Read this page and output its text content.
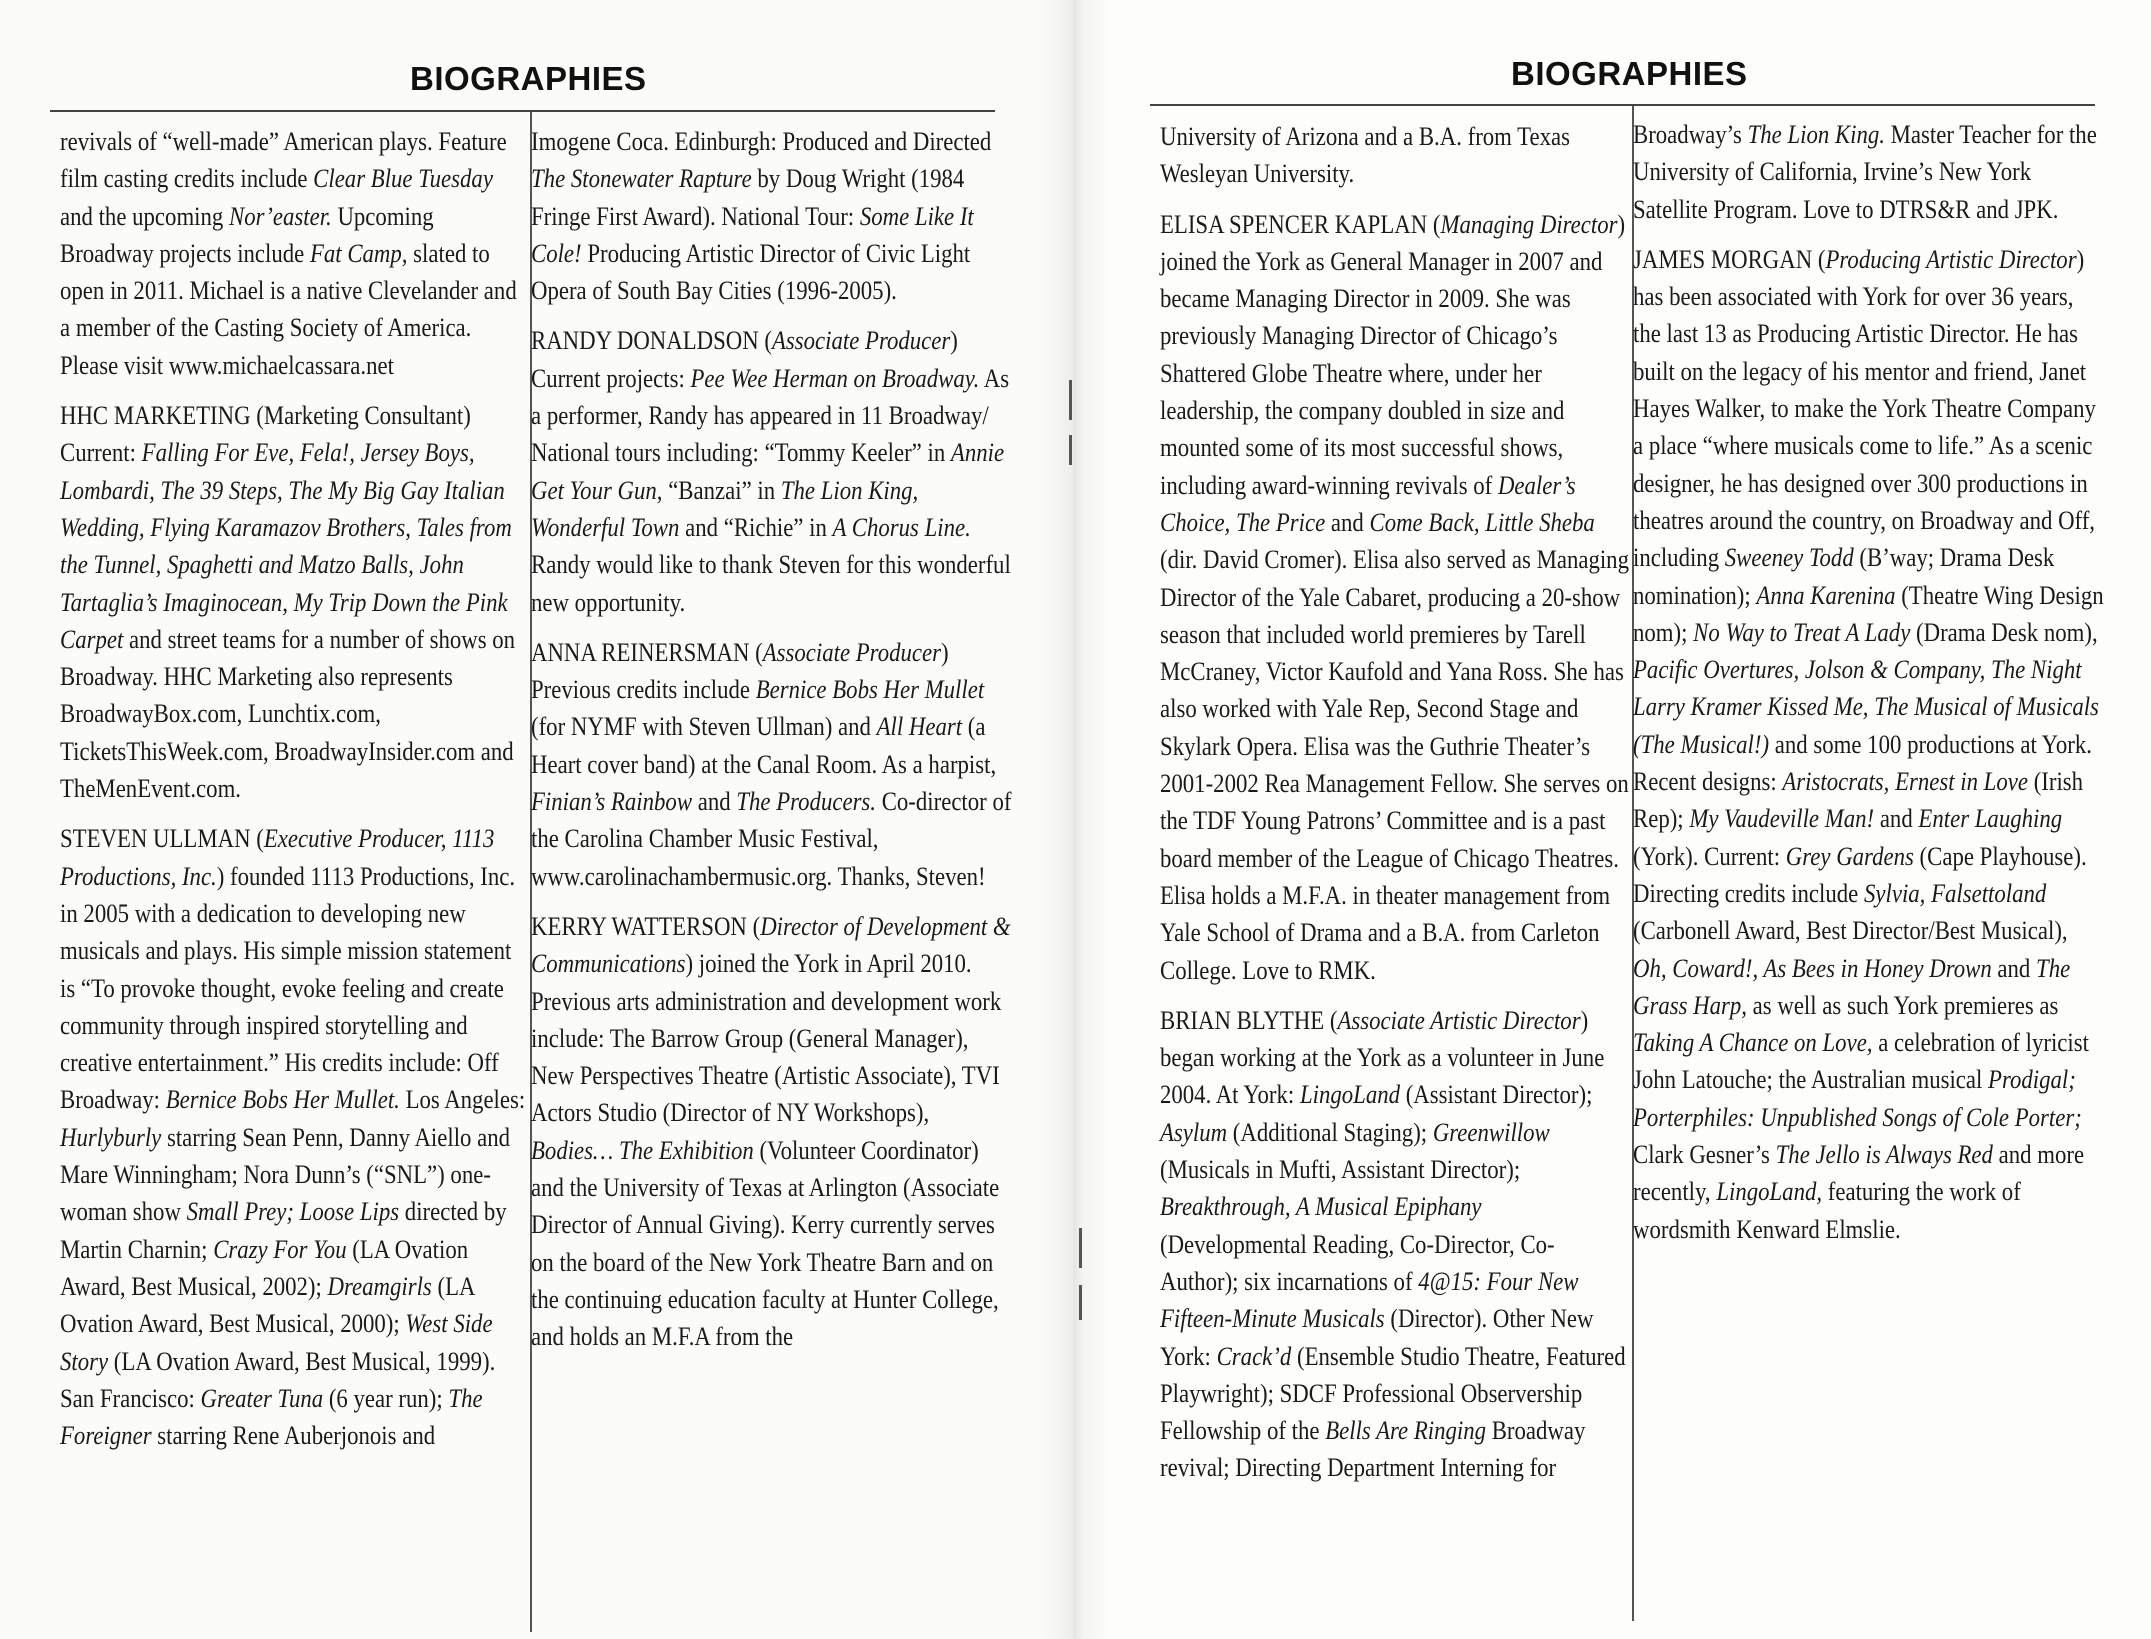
BIOGRAPHIES

revivals of “well-made” American plays. Feature film casting credits include Clear Blue Tuesday and the upcoming Nor’easter. Upcoming Broadway projects include Fat Camp, slated to open in 2011. Michael is a native Clevelander and a member of the Casting Society of America. Please visit www.michaelcassara.net

HHC MARKETING (Marketing Consultant) Current: Falling For Eve, Fela!, Jersey Boys, Lombardi, The 39 Steps, The My Big Gay Italian Wedding, Flying Karamazov Brothers, Tales from the Tunnel, Spaghetti and Matzo Balls, John Tartaglia’s Imaginocean, My Trip Down the Pink Carpet and street teams for a number of shows on Broadway. HHC Marketing also represents BroadwayBox.com, Lunchtix.com, TicketsThisWeek.com, BroadwayInsider.com and TheMenEvent.com.

STEVEN ULLMAN (Executive Producer, 1113 Productions, Inc.) founded 1113 Productions, Inc. in 2005 with a dedication to developing new musicals and plays. His simple mission statement is “To provoke thought, evoke feeling and create community through inspired storytelling and creative entertainment.” His credits include: Off Broadway: Bernice Bobs Her Mullet. Los Angeles: Hurlyburly starring Sean Penn, Danny Aiello and Mare Winningham; Nora Dunn’s (“SNL”) one-woman show Small Prey; Loose Lips directed by Martin Charnin; Crazy For You (LA Ovation Award, Best Musical, 2002); Dreamgirls (LA Ovation Award, Best Musical, 2000); West Side Story (LA Ovation Award, Best Musical, 1999). San Francisco: Greater Tuna (6 year run); The Foreigner starring Rene Auberjonois and

Imogene Coca. Edinburgh: Produced and Directed The Stonewater Rapture by Doug Wright (1984 Fringe First Award). National Tour: Some Like It Cole! Producing Artistic Director of Civic Light Opera of South Bay Cities (1996-2005).

RANDY DONALDSON (Associate Producer) Current projects: Pee Wee Herman on Broadway. As a performer, Randy has appeared in 11 Broadway/ National tours including: “Tommy Keeler” in Annie Get Your Gun, “Banzai” in The Lion King, Wonderful Town and “Richie” in A Chorus Line. Randy would like to thank Steven for this wonderful new opportunity.

ANNA REINERSMAN (Associate Producer) Previous credits include Bernice Bobs Her Mullet (for NYMF with Steven Ullman) and All Heart (a Heart cover band) at the Canal Room. As a harpist, Finian’s Rainbow and The Producers. Co-director of the Carolina Chamber Music Festival, www.carolinachambermusic.org. Thanks, Steven!

KERRY WATTERSON (Director of Development & Communications) joined the York in April 2010. Previous arts administration and development work include: The Barrow Group (General Manager), New Perspectives Theatre (Artistic Associate), TVI Actors Studio (Director of NY Workshops), Bodies… The Exhibition (Volunteer Coordinator) and the University of Texas at Arlington (Associate Director of Annual Giving). Kerry currently serves on the board of the New York Theatre Barn and on the continuing education faculty at Hunter College, and holds an M.F.A from the

BIOGRAPHIES

University of Arizona and a B.A. from Texas Wesleyan University.

ELISA SPENCER KAPLAN (Managing Director) joined the York as General Manager in 2007 and became Managing Director in 2009. She was previously Managing Director of Chicago’s Shattered Globe Theatre where, under her leadership, the company doubled in size and mounted some of its most successful shows, including award-winning revivals of Dealer’s Choice, The Price and Come Back, Little Sheba (dir. David Cromer). Elisa also served as Managing Director of the Yale Cabaret, producing a 20-show season that included world premieres by Tarell McCraney, Victor Kaufold and Yana Ross. She has also worked with Yale Rep, Second Stage and Skylark Opera. Elisa was the Guthrie Theater’s 2001-2002 Rea Management Fellow. She serves on the TDF Young Patrons’ Committee and is a past board member of the League of Chicago Theatres. Elisa holds a M.F.A. in theater management from Yale School of Drama and a B.A. from Carleton College. Love to RMK.

BRIAN BLYTHE (Associate Artistic Director) began working at the York as a volunteer in June 2004. At York: LingoLand (Assistant Director); Asylum (Additional Staging); Greenwillow (Musicals in Mufti, Assistant Director); Breakthrough, A Musical Epiphany (Developmental Reading, Co-Director, Co-Author); six incarnations of 4@15: Four New Fifteen-Minute Musicals (Director). Other New York: Crack’d (Ensemble Studio Theatre, Featured Playwright); SDCF Professional Observership Fellowship of the Bells Are Ringing Broadway revival; Directing Department Interning for

Broadway’s The Lion King. Master Teacher for the University of California, Irvine’s New York Satellite Program. Love to DTRS&R and JPK.

JAMES MORGAN (Producing Artistic Director) has been associated with York for over 36 years, the last 13 as Producing Artistic Director. He has built on the legacy of his mentor and friend, Janet Hayes Walker, to make the York Theatre Company a place “where musicals come to life.” As a scenic designer, he has designed over 300 productions in theatres around the country, on Broadway and Off, including Sweeney Todd (B’way; Drama Desk nomination); Anna Karenina (Theatre Wing Design nom); No Way to Treat A Lady (Drama Desk nom), Pacific Overtures, Jolson & Company, The Night Larry Kramer Kissed Me, The Musical of Musicals (The Musical!) and some 100 productions at York. Recent designs: Aristocrats, Ernest in Love (Irish Rep); My Vaudeville Man! and Enter Laughing (York). Current: Grey Gardens (Cape Playhouse). Directing credits include Sylvia, Falsettoland (Carbonell Award, Best Director/Best Musical), Oh, Coward!, As Bees in Honey Drown and The Grass Harp, as well as such York premieres as Taking A Chance on Love, a celebration of lyricist John Latouche; the Australian musical Prodigal; Porterphiles: Unpublished Songs of Cole Porter; Clark Gesner’s The Jello is Always Red and more recently, LingoLand, featuring the work of wordsmith Kenward Elmslie.
